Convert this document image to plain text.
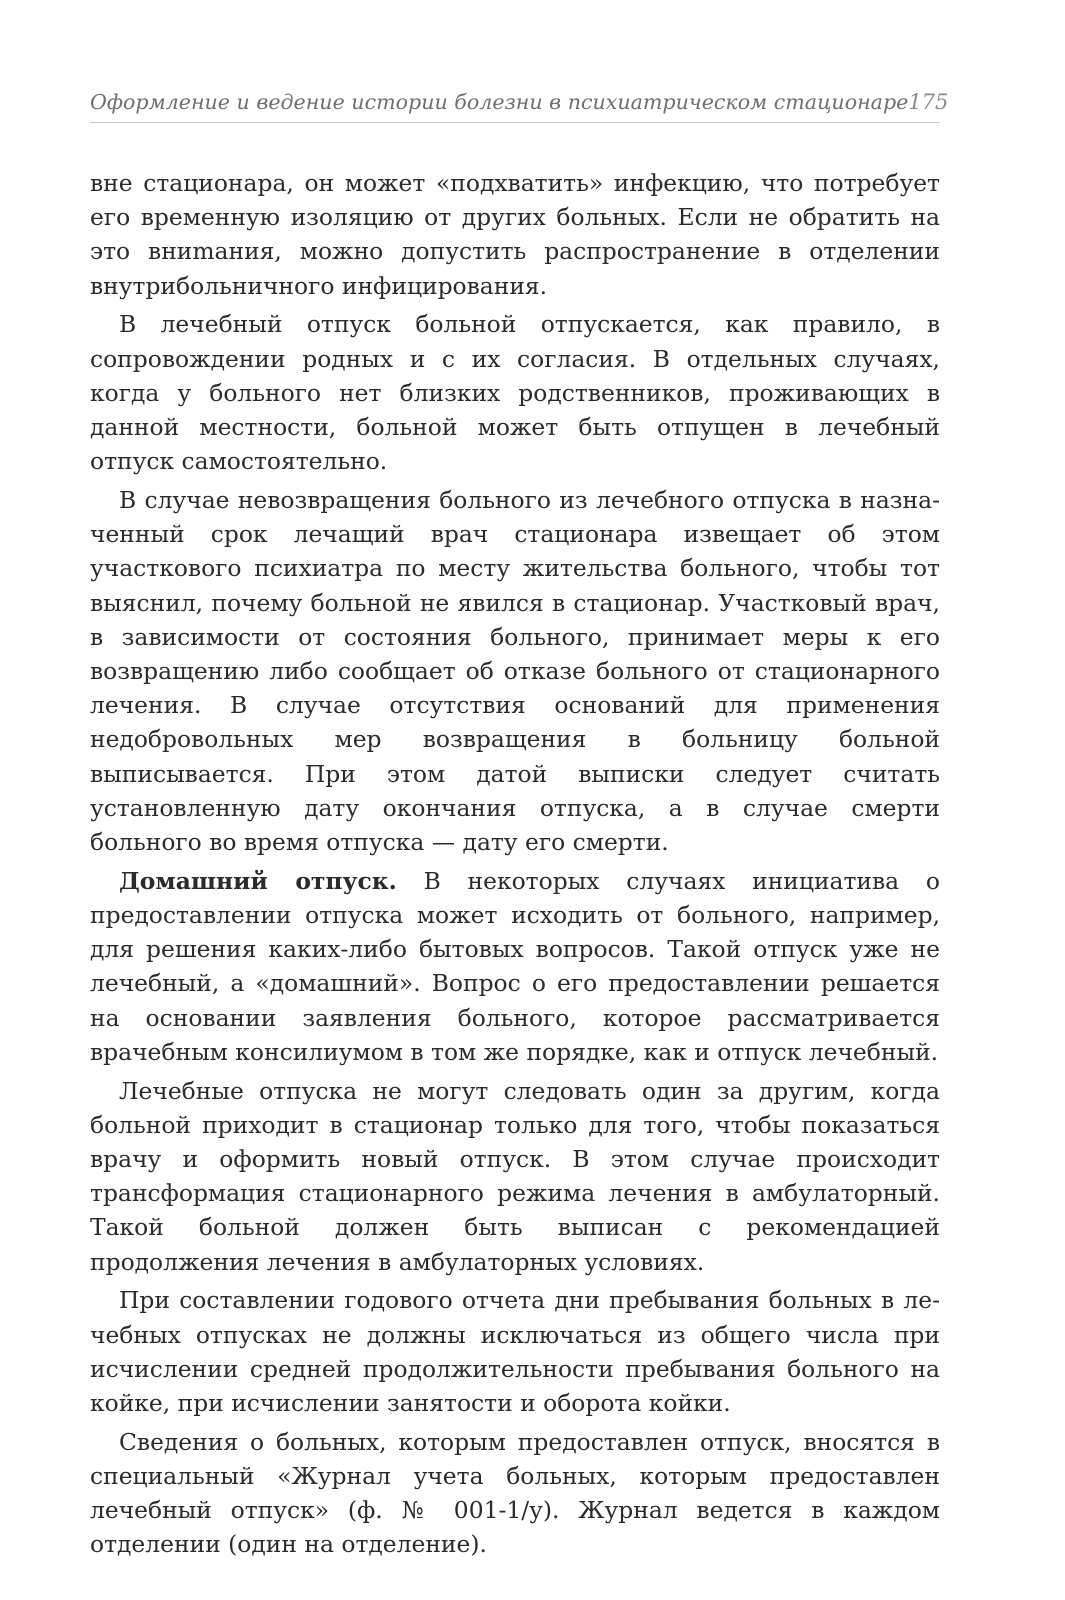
Оформление и ведение истории болезни в психиатрическом стационаре 175

вне стационара, он может «подхватить» инфекцию, что потребует его временную изоляцию от других больных. Если не обратить на это вниmания, можно допустить распространение в отделении внутрибольничного инфицирования.

В лечебный отпуск больной отпускается, как правило, в сопровождении родных и с их согласия. В отдельных случаях, когда у больного нет близких родственников, проживающих в данной местности, больной может быть отпущен в лечебный отпуск самостоятельно.

В случае невозвращения больного из лечебного отпуска в назначенный срок лечащий врач стационара извещает об этом участкового психиатра по месту жительства больного, чтобы тот выяснил, почему больной не явился в стационар. Участковый врач, в зависимости от состояния больного, принимает меры к его возвращению либо сообщает об отказе больного от стационарного лечения. В случае отсутствия оснований для применения недобровольных мер возвращения в больницу больной выписывается. При этом датой выписки следует считать установленную дату окончания отпуска, а в случае смерти больного во время отпуска — дату его смерти.

Домашний отпуск. В некоторых случаях инициатива о предоставлении отпуска может исходить от больного, например, для решения каких-либо бытовых вопросов. Такой отпуск уже не лечебный, а «домашний». Вопрос о его предоставлении решается на основании заявления больного, которое рассматривается врачебным консилиумом в том же порядке, как и отпуск лечебный.

Лечебные отпуска не могут следовать один за другим, когда больной приходит в стационар только для того, чтобы показаться врачу и оформить новый отпуск. В этом случае происходит трансформация стационарного режима лечения в амбулаторный. Такой больной должен быть выписан с рекомендацией продолжения лечения в амбулаторных условиях.

При составлении годового отчета дни пребывания больных в лечебных отпусках не должны исключаться из общего числа при исчислении средней продолжительности пребывания больного на койке, при исчислении занятости и оборота койки.

Сведения о больных, которым предоставлен отпуск, вносятся в специальный «Журнал учета больных, которым предоставлен лечебный отпуск» (ф. № 001-1/у). Журнал ведется в каждом отделении (один на отделение).
